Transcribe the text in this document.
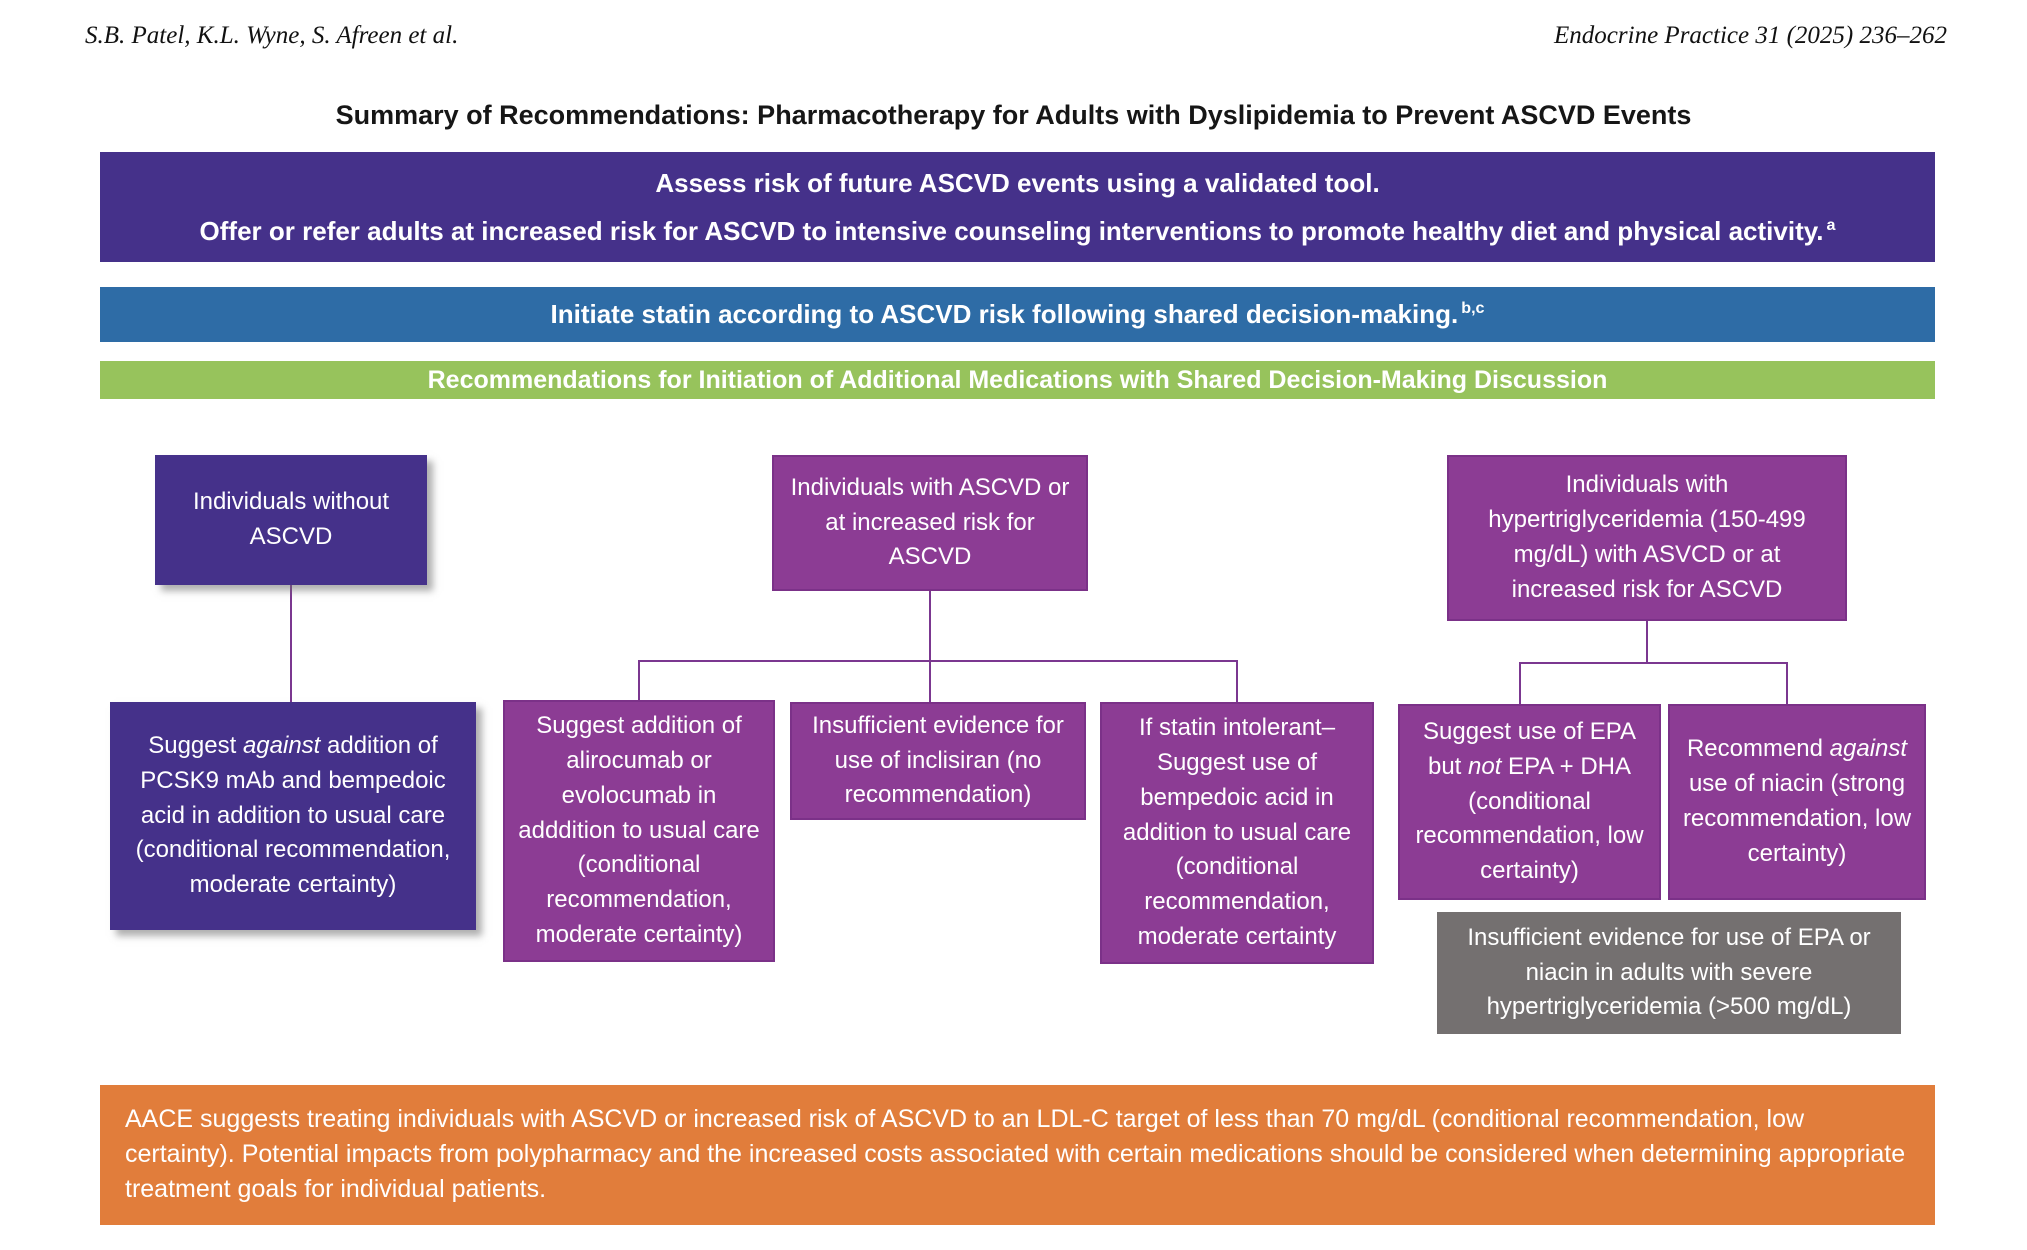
S.B. Patel, K.L. Wyne, S. Afreen et al.	Endocrine Practice 31 (2025) 236–262
Summary of Recommendations: Pharmacotherapy for Adults with Dyslipidemia to Prevent ASCVD Events
Assess risk of future ASCVD events using a validated tool.
Offer or refer adults at increased risk for ASCVD to intensive counseling interventions to promote healthy diet and physical activity. $^a$
Initiate statin according to ASCVD risk following shared decision-making. $^{b,c}$
Recommendations for Initiation of Additional Medications with Shared Decision-Making Discussion
Individuals without ASCVD
Individuals with ASCVD or at increased risk for ASCVD
Individuals with hypertriglyceridemia (150-499 mg/dL) with ASVCD or at increased risk for ASCVD
Suggest against addition of PCSK9 mAb and bempedoic acid in addition to usual care (conditional recommendation, moderate certainty)
Suggest addition of alirocumab or evolocumab in adddition to usual care (conditional recommendation, moderate certainty)
Insufficient evidence for use of inclisiran (no recommendation)
If statin intolerant– Suggest use of bempedoic acid in addition to usual care (conditional recommendation, moderate certainty
Suggest use of EPA but not EPA + DHA (conditional recommendation, low certainty)
Recommend against use of niacin (strong recommendation, low certainty)
Insufficient evidence for use of EPA or niacin in adults with severe hypertriglyceridemia (>500 mg/dL)
AACE suggests treating individuals with ASCVD or increased risk of ASCVD to an LDL-C target of less than 70 mg/dL (conditional recommendation, low certainty). Potential impacts from polypharmacy and the increased costs associated with certain medications should be considered when determining appropriate treatment goals for individual patients.
